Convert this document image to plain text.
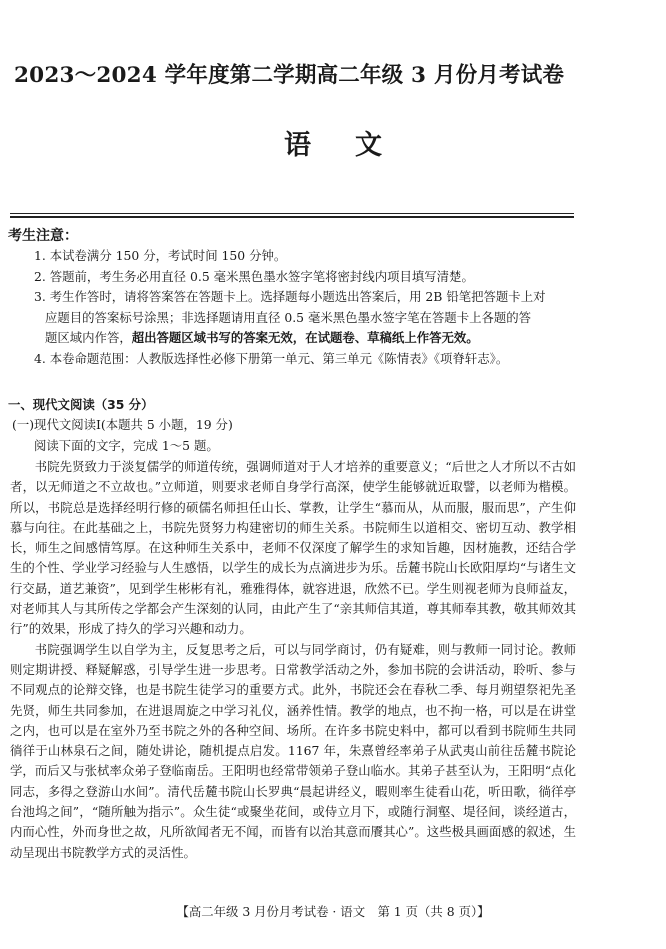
2023～2024 学年度第二学期高二年级 3 月份月考试卷
语文
考生注意：

1. 本试卷满分 150 分，考试时间 150 分钟。

2. 答题前，考生务必用直径 0.5 毫米黑色墨水签字笔将密封线内项目填写清楚。

3. 考生作答时，请将答案答在答题卡上。选择题每小题选出答案后，用 2B 铅笔把答题卡上对

应题目的答案标号涂黑；非选择题请用直径 0.5 毫米黑色墨水签字笔在答题卡上各题的答

题区域内作答，超出答题区域书写的答案无效，在试题卷、草稿纸上作答无效。

4. 本卷命题范围：人教版选择性必修下册第一单元、第三单元《陈情表》《项脊轩志》。

一、现代文阅读（35 分）
(一)现代文阅读Ⅰ(本题共 5 小题，19 分)
阅读下面的文字，完成 1～5 题。

书院先贤致力于淡复儒学的师道传统，强调师道对于人才培养的重要意义；“后世之人才所以不古如者，以无师道之不立故也。”立师道，则要求老师自身学行高深，使学生能够就近取譬，以老师为楷模。所以，书院总是选择经明行修的硕儒名师担任山长、掌教，让学生“慕而从，从而服，服而思”，产生仰慕与向往。在此基础之上，书院先贤努力构建密切的师生关系。书院师生以道相交、密切互动、教学相长，师生之间感情笃厚。在这种师生关系中，老师不仅深度了解学生的求知旨趣，因材施教，还结合学生的个性、学业学习经验与人生感悟，以学生的成长为点滴进步为乐。岳麓书院山长欧阳厚均“与诸生文行交勗，道艺兼资”，见到学生彬彬有礼，雅雅得体，就容进退，欣然不已。学生则视老师为良师益友，对老师其人与其所传之学都会产生深刻的认同，由此产生了“亲其师信其道，尊其师奉其教，敬其师效其行”的效果，形成了持久的学习兴趣和动力。

书院强调学生以自学为主，反复思考之后，可以与同学商讨，仍有疑难，则与教师一同讨论。教师则定期讲授、释疑解惑，引导学生进一步思考。日常教学活动之外，参加书院的会讲活动，聆听、参与不同观点的论辩交锋，也是书院生徒学习的重要方式。此外，书院还会在春秋二季、每月朔望祭祀先圣先贤，师生共同参加，在进退周旋之中学习礼仪，涵养性情。教学的地点，也不拘一格，可以是在讲堂之内，也可以是在室外乃至书院之外的各种空间、场所。在许多书院史料中，都可以看到书院师生共同徜徉于山林泉石之间，随处讲论，随机提点启发。1167 年，朱熹曾经率弟子从武夷山前往岳麓书院论学，而后又与张栻率众弟子登临南岳。王阳明也经常带领弟子登山临水。其弟子甚至认为，王阳明“点化同志，多得之登游山水间”。清代岳麓书院山长罗典“晨起讲经义，暇则率生徒看山花，听田歌，徜徉亭台池坞之间”，“随所触为指示”。众生徒“或聚坐花间，或侍立月下，或随行洞壑、堤径间，谈经道古，内而心性，外而身世之故，凡所欲闻者无不闻，而皆有以治其意而餍其心”。这些极具画面感的叙述，生动呈现出书院教学方式的灵活性。

【高二年级 3 月份月考试卷 · 语文　第 1 页（共 8 页）】
